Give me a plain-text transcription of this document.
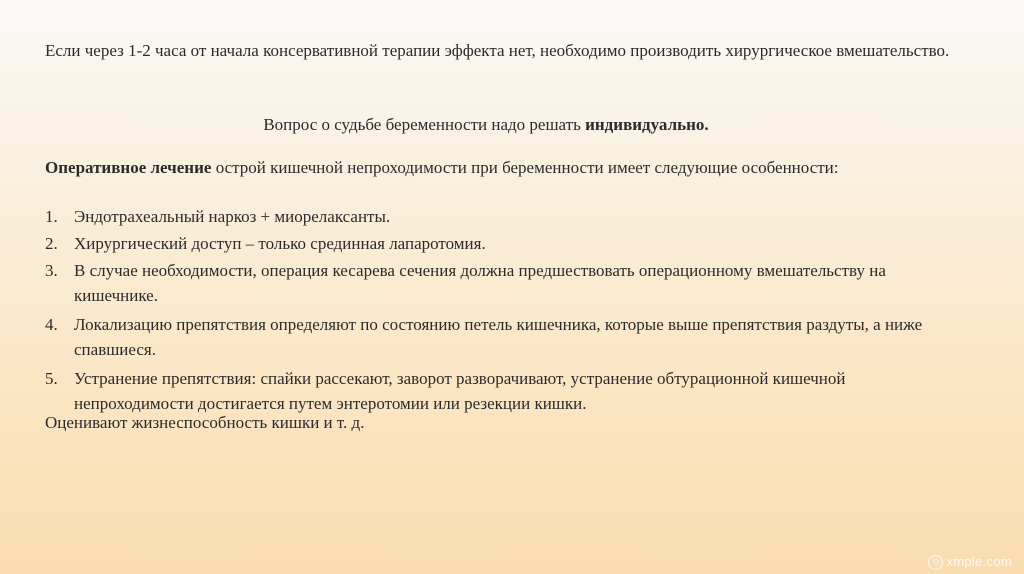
Если через 1-2 часа от начала консервативной терапии эффекта нет, необходимо производить хирургическое вмешательство.

Вопрос о судьбе беременности надо решать индивидуально.

Оперативное лечение острой кишечной непроходимости при беременности имеет следующие особенности:

1. Эндотрахеальный наркоз + миорелаксанты.
2. Хирургический доступ – только срединная лапаротомия.
3. В случае необходимости, операция кесарева сечения должна предшествовать операционному вмешательству на кишечнике.
4. Локализацию препятствия определяют по состоянию петель кишечника, которые выше препятствия раздуты, а ниже спавшиеся.
5. Устранение препятствия: спайки рассекают, заворот разворачивают, устранение обтурационной кишечной непроходимости достигается путем энтеротомии или резекции кишки.

Оценивают жизнеспособность кишки и т. д.

© xmple.com
